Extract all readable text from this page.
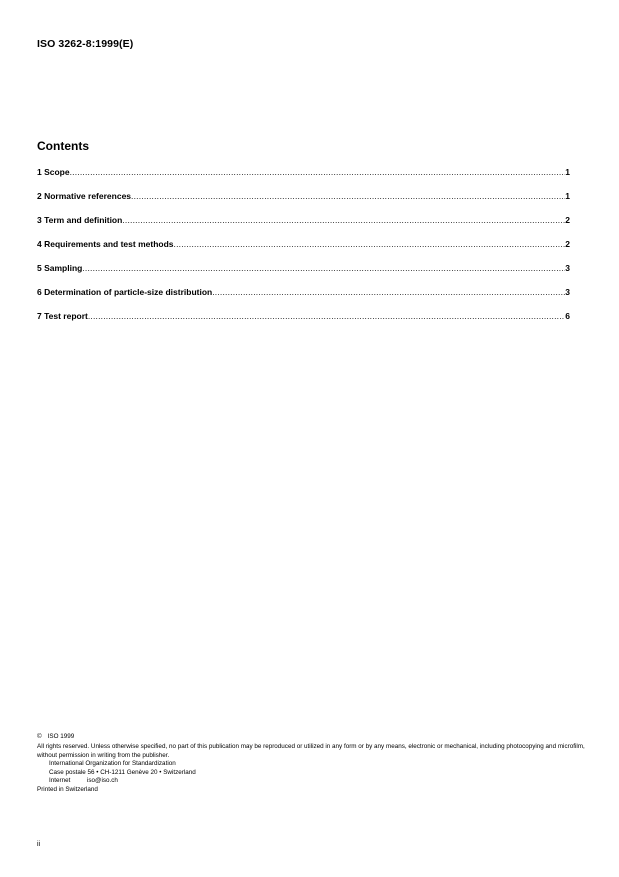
ISO 3262-8:1999(E)
Contents
1 Scope .....	1
2 Normative references .....	1
3 Term and definition .....	2
4 Requirements and test methods .....	2
5 Sampling .....	3
6 Determination of particle-size distribution .....	3
7 Test report .....	6

© ISO 1999

All rights reserved. Unless otherwise specified, no part of this publication may be reproduced or utilized in any form or by any means, electronic or mechanical, including photocopying and microfilm, without permission in writing from the publisher.

International Organization for Standardization

Case postale 56 • CH-1211 Genève 20 • Switzerland

Internet	iso@iso.ch

Printed in Switzerland

ii
